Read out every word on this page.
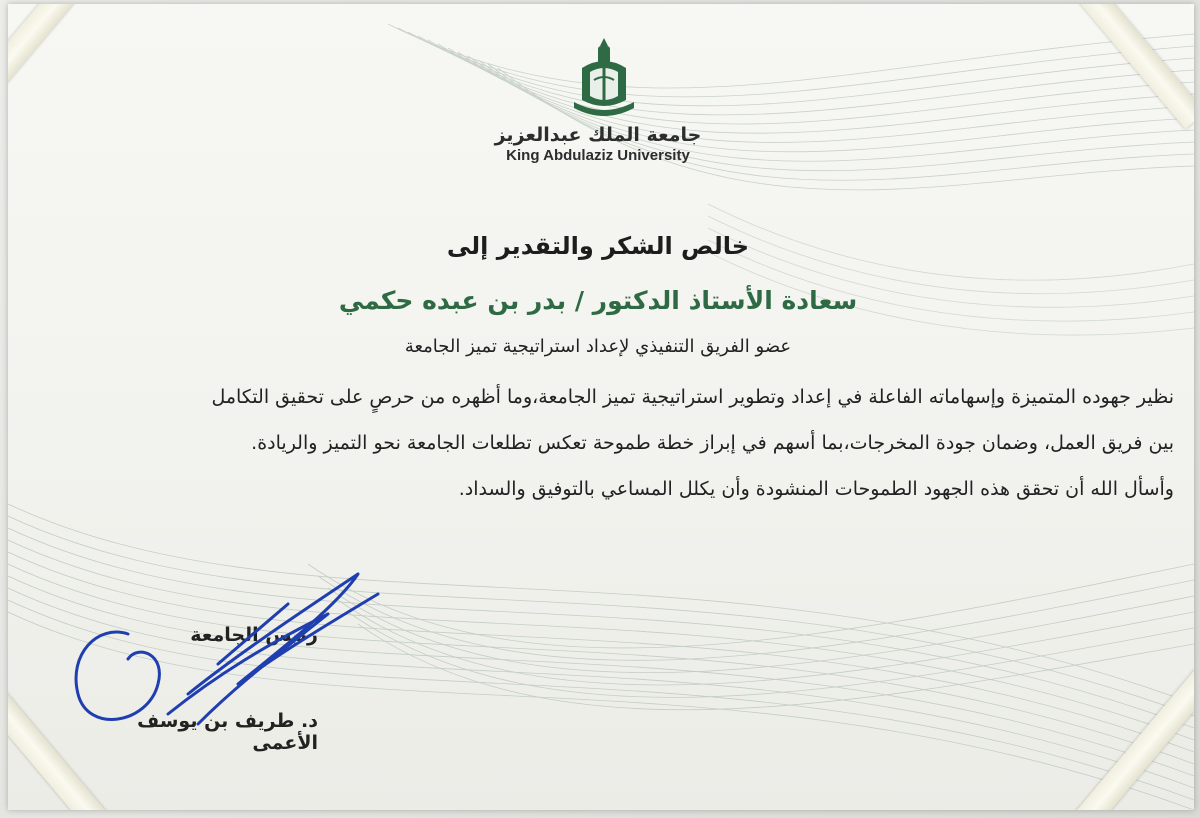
جامعة الملك عبدالعزيز
King Abdulaziz University
خالص الشكر والتقدير إلى
سعادة الأستاذ الدكتور / بدر بن عبده حكمي
عضو الفريق التنفيذي لإعداد استراتيجية تميز الجامعة
نظير جهوده المتميزة وإسهاماته الفاعلة في إعداد وتطوير استراتيجية تميز الجامعة،وما أظهره من حرصٍ على تحقيق التكامل
بين فريق العمل، وضمان جودة المخرجات،بما أسهم في إبراز خطة طموحة تعكس تطلعات الجامعة نحو التميز والريادة.
وأسأل الله أن تحقق هذه الجهود الطموحات المنشودة وأن يكلل المساعي بالتوفيق والسداد.
رئيس الجامعة
د. طريف بن يوسف الأعمى
